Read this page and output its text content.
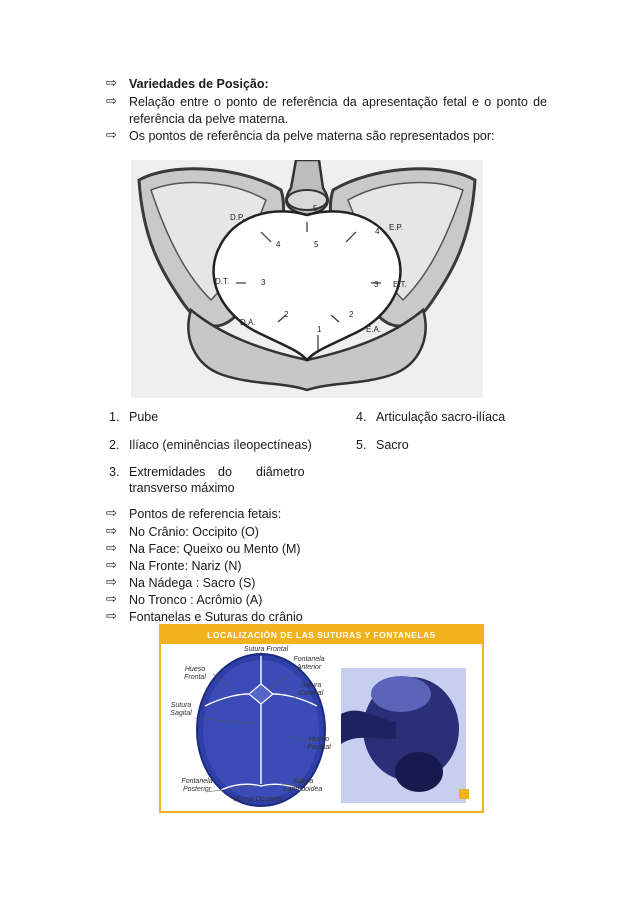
⇨ Variedades de Posição:
⇨ Relação entre o ponto de referência da apresentação fetal e o ponto de
referência da pelve materna.
⇨ Os pontos de referência da pelve materna são representados por:
D.P.
E.P.
D.T.	E.T.
D.A.
E.A.
5
5
4
4
3	3
2	2
1
1. Pube
2. Ilíaco (eminências íleopectíneas)
3. Extremidades do diâmetro
transverso máximo
4. Articulação sacro-ilíaca
5. Sacro
⇨ Pontos de referencia fetais:
⇨ No Crânio: Occipito (O)
⇨ Na Face: Queixo ou Mento (M)
⇨ Na Fronte: Nariz (N)
⇨ Na Nádega : Sacro (S)
⇨ No Tronco : Acrômio (A)
⇨ Fontanelas e Suturas do crânio
LOCALIZACIÓN DE LAS SUTURAS Y FONTANELAS
Sutura Frontal
Hueso
Frontal
Fontanela
Anterior
Sutura
Coronal
Sutura
Sagital
Hueso
Parietal
Sutura
Lambdoidea
Fontanela
Posterior
Hueso Occipital
